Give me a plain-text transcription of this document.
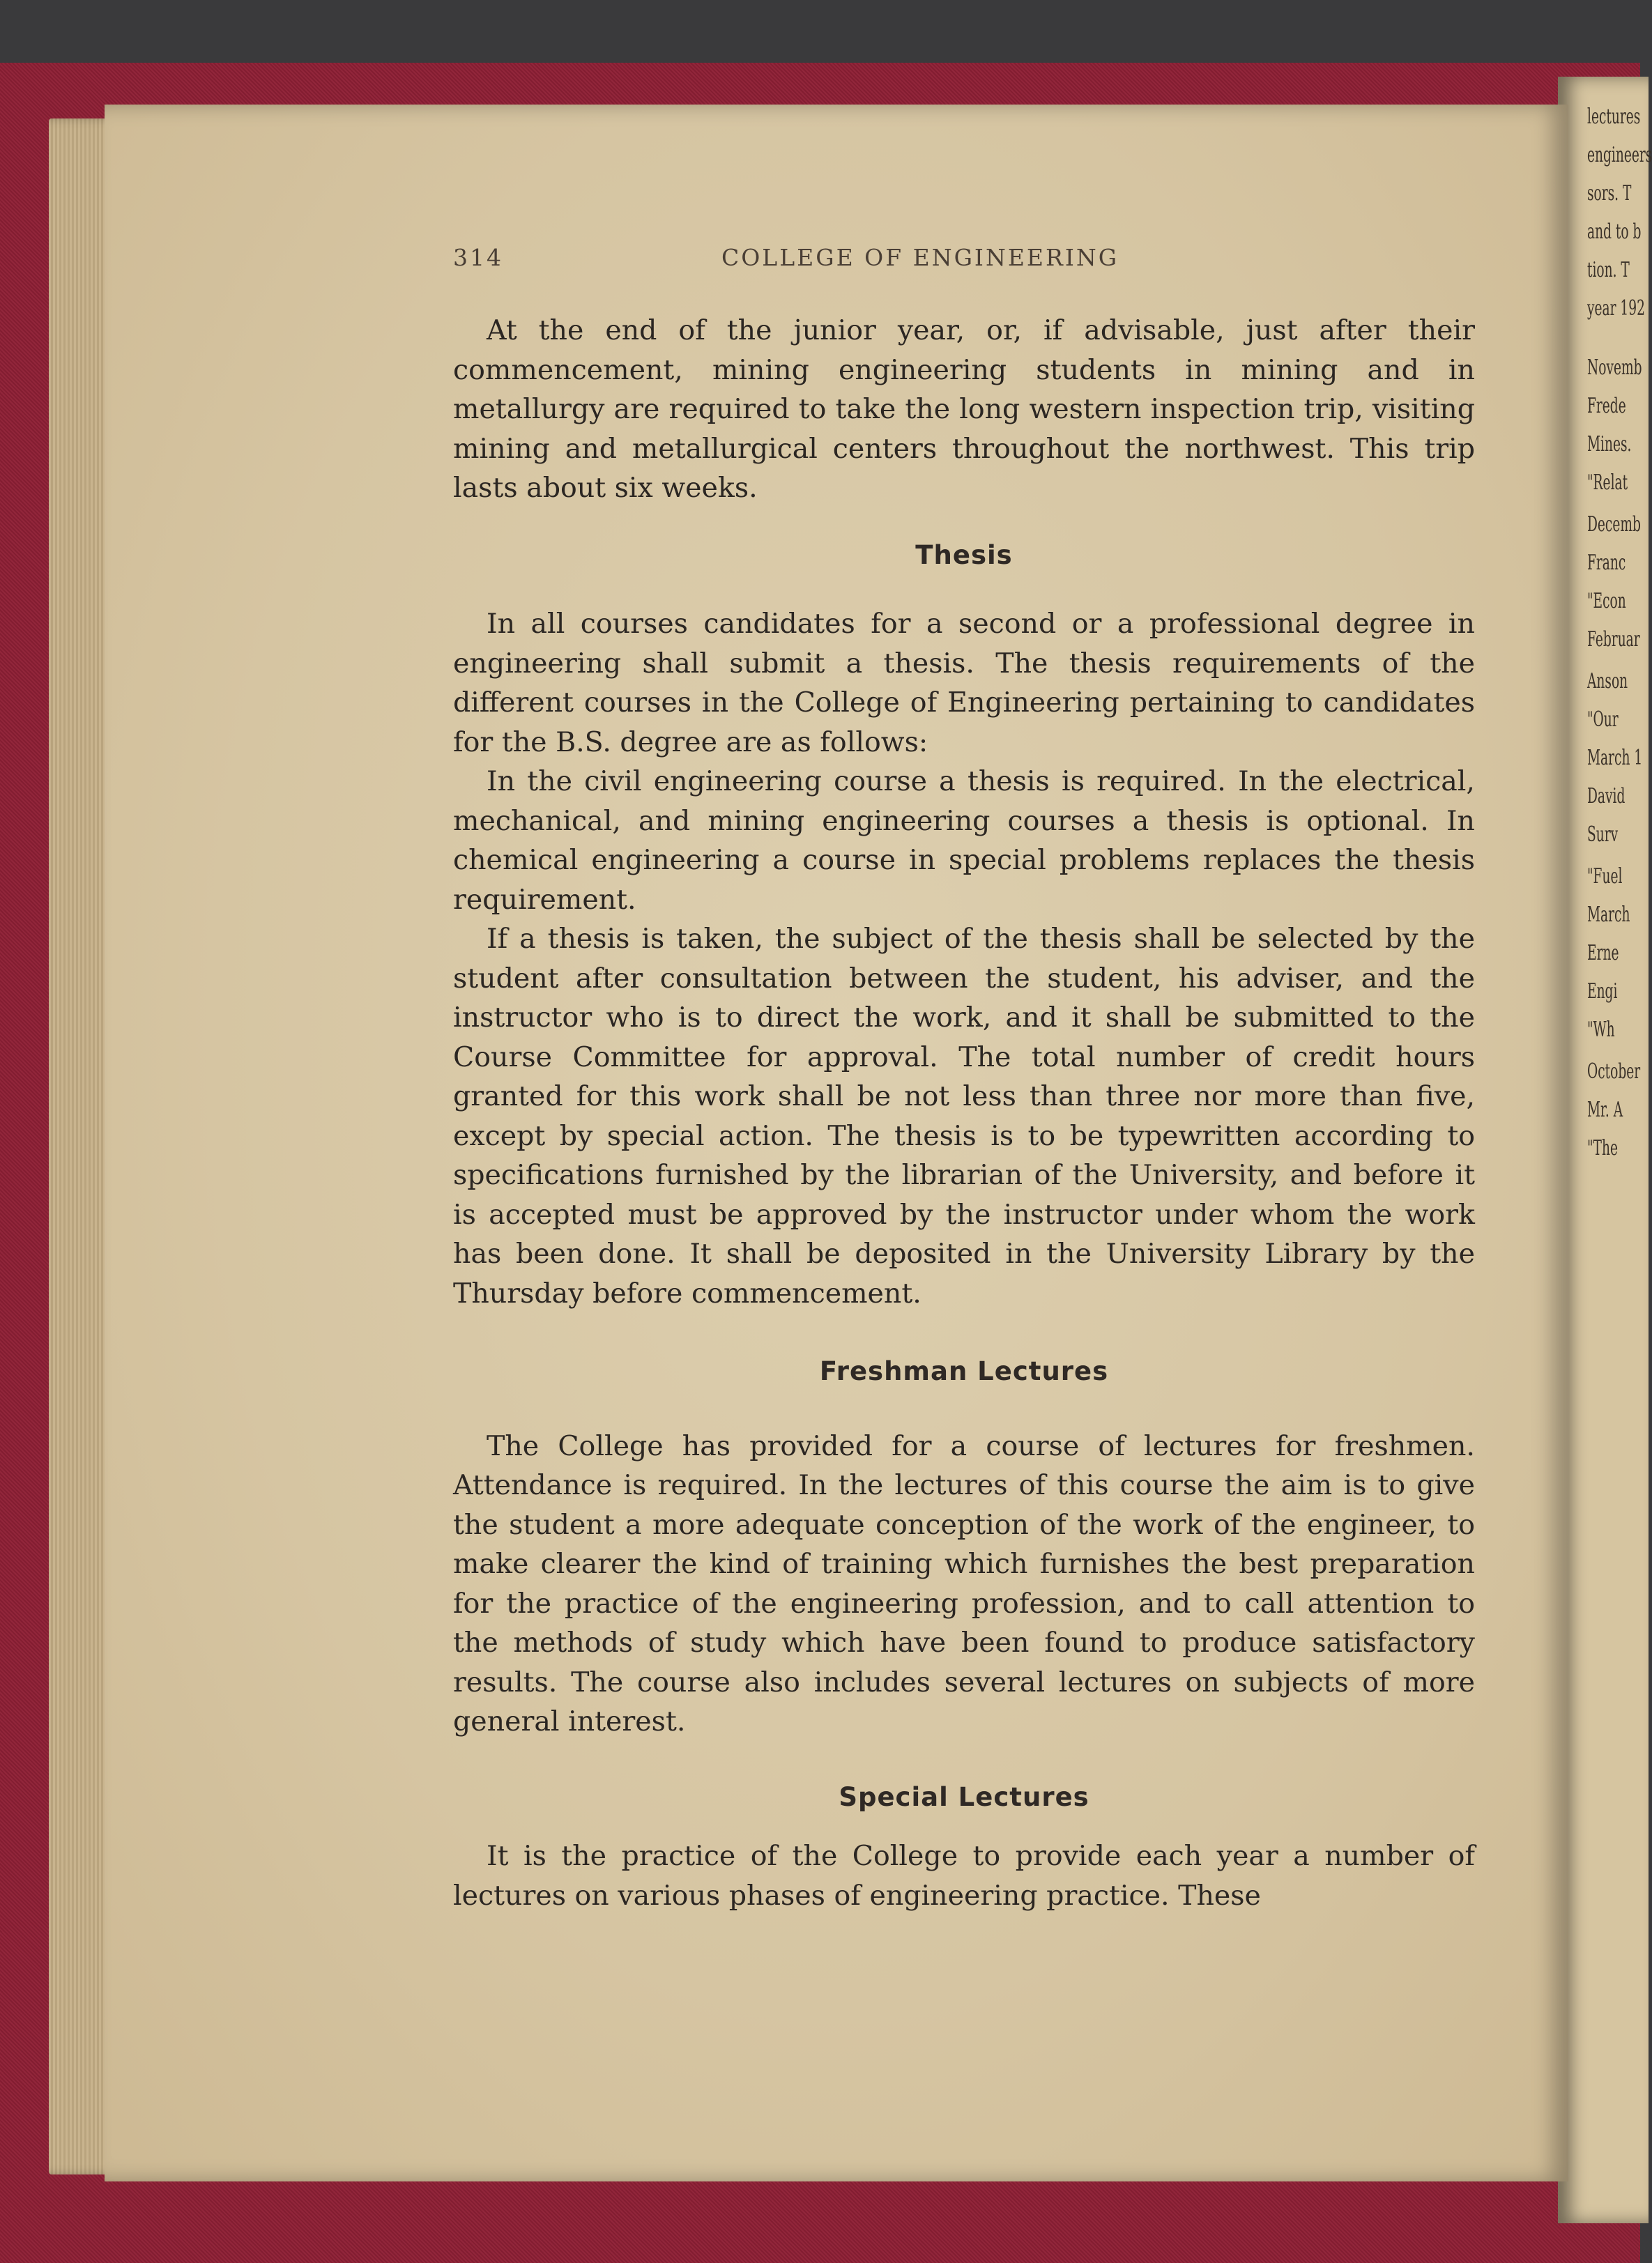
lectures
engineers
sors. T
and to b
tion. T
year 192
Novemb
Frede
Mines.
"Relat
Decemb
Franc
"Econ
Februar
Anson
"Our
March 1
David
Surv
"Fuel
March
Erne
Engi
"Wh
October
Mr. A
"The
314	COLLEGE OF ENGINEERING

At the end of the junior year, or, if advisable, just after their commencement, mining engineering students in mining and in metallurgy are required to take the long western inspection trip, visiting mining and metallurgical centers throughout the northwest. This trip lasts about six weeks.

Thesis

In all courses candidates for a second or a professional degree in engineering shall submit a thesis. The thesis requirements of the different courses in the College of Engineering pertaining to candidates for the B.S. degree are as follows:

In the civil engineering course a thesis is required. In the electrical, mechanical, and mining engineering courses a thesis is optional. In chemical engineering a course in special problems replaces the thesis requirement.

If a thesis is taken, the subject of the thesis shall be selected by the student after consultation between the student, his adviser, and the instructor who is to direct the work, and it shall be submitted to the Course Committee for approval. The total number of credit hours granted for this work shall be not less than three nor more than five, except by special action. The thesis is to be typewritten according to specifications furnished by the librarian of the University, and before it is accepted must be approved by the instructor under whom the work has been done. It shall be deposited in the University Library by the Thursday before commencement.

Freshman Lectures

The College has provided for a course of lectures for freshmen. Attendance is required. In the lectures of this course the aim is to give the student a more adequate conception of the work of the engineer, to make clearer the kind of training which furnishes the best preparation for the practice of the engineering profession, and to call attention to the methods of study which have been found to produce satisfactory results. The course also includes several lectures on subjects of more general interest.

Special Lectures

It is the practice of the College to provide each year a number of lectures on various phases of engineering practice. These
